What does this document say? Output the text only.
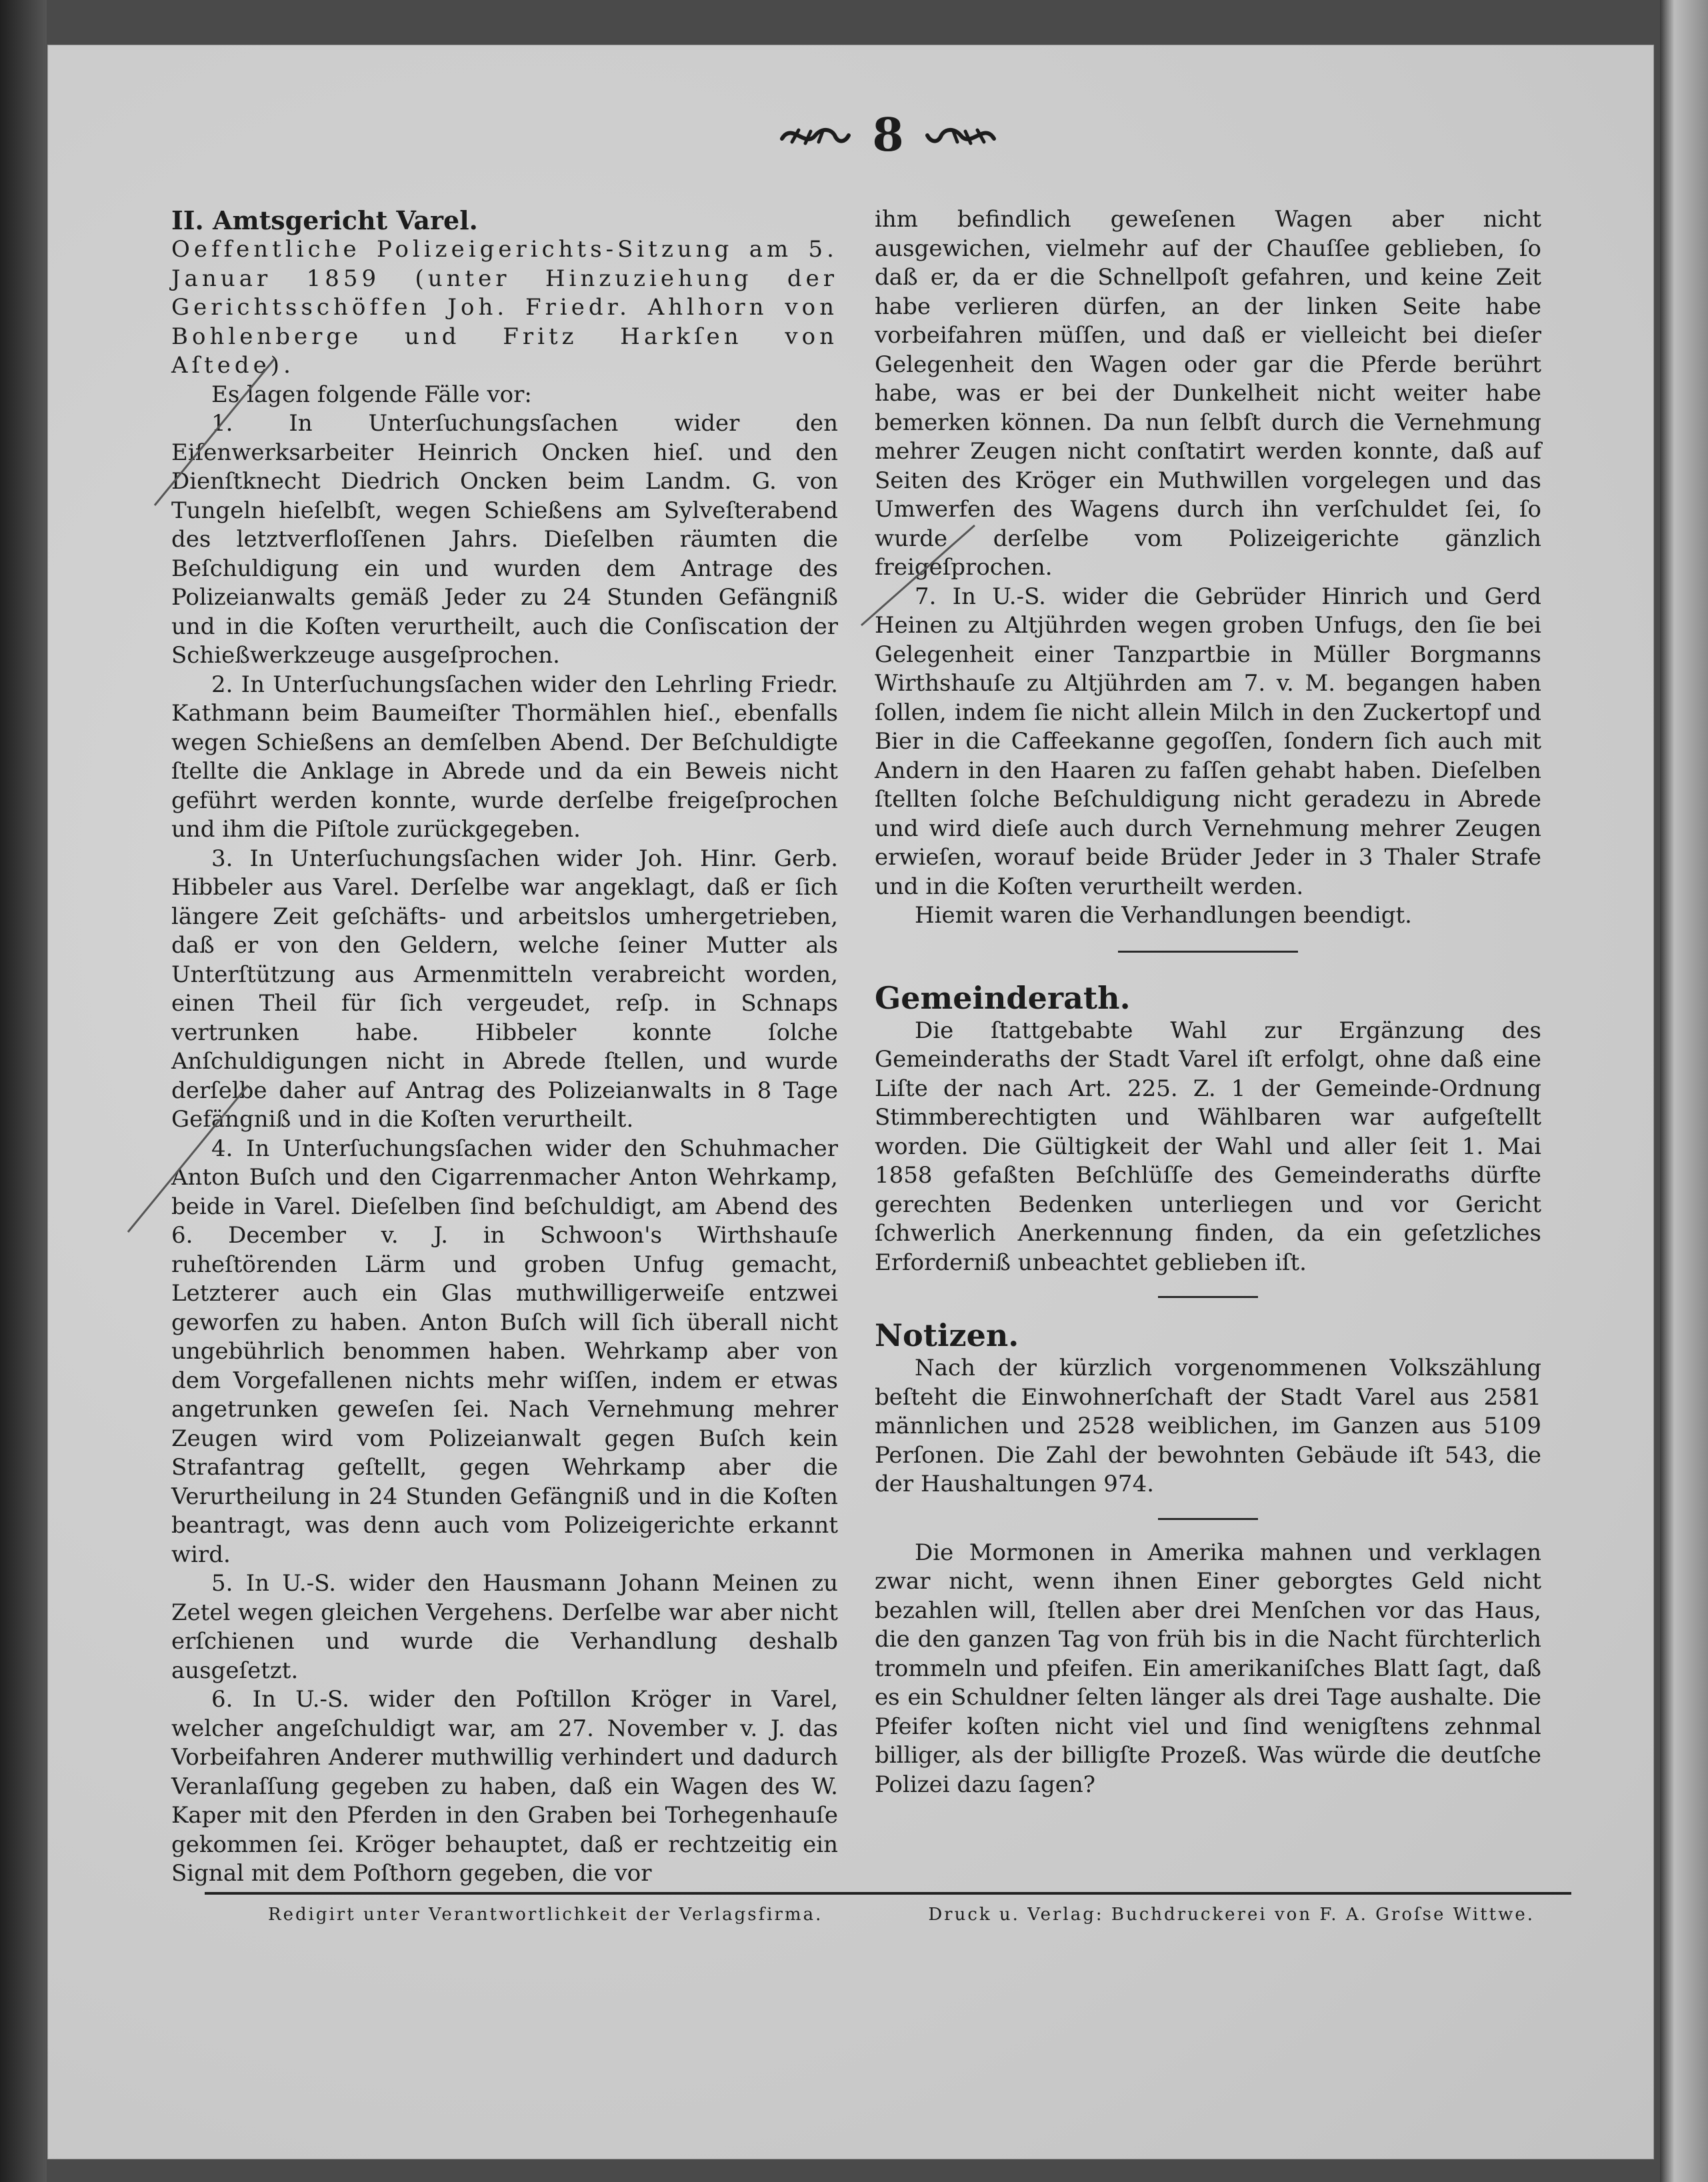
8

II. Amtsgericht Varel.

Oeffentliche Polizeigerichts-Sitzung am 5. Januar 1859 (unter Hinzuziehung der Gerichtsschöffen Joh. Friedr. Ahlhorn von Bohlenberge und Fritz Harkſen von Aſtede).

Es lagen folgende Fälle vor:

1. In Unterſuchungsſachen wider den Eiſenwerksarbeiter Heinrich Oncken hieſ. und den Dienſtknecht Diedrich Oncken beim Landm. G. von Tungeln hieſelbſt, wegen Schießens am Sylveſterabend des letztverfloſſenen Jahrs. Dieſelben räumten die Beſchuldigung ein und wurden dem Antrage des Polizeianwalts gemäß Jeder zu 24 Stunden Gefängniß und in die Koſten verurtheilt, auch die Conſiscation der Schießwerkzeuge ausgeſprochen.

2. In Unterſuchungsſachen wider den Lehrling Friedr. Kathmann beim Baumeiſter Thormählen hieſ., ebenfalls wegen Schießens an demſelben Abend. Der Beſchuldigte ſtellte die Anklage in Abrede und da ein Beweis nicht geführt werden konnte, wurde derſelbe freigeſprochen und ihm die Piſtole zurückgegeben.

3. In Unterſuchungsſachen wider Joh. Hinr. Gerb. Hibbeler aus Varel. Derſelbe war angeklagt, daß er ſich längere Zeit geſchäfts- und arbeitslos umhergetrieben, daß er von den Geldern, welche ſeiner Mutter als Unterſtützung aus Armenmitteln verabreicht worden, einen Theil für ſich vergeudet, reſp. in Schnaps vertrunken habe. Hibbeler konnte ſolche Anſchuldigungen nicht in Abrede ſtellen, und wurde derſelbe daher auf Antrag des Polizeianwalts in 8 Tage Gefängniß und in die Koſten verurtheilt.

4. In Unterſuchungsſachen wider den Schuhmacher Anton Buſch und den Cigarrenmacher Anton Wehrkamp, beide in Varel. Dieſelben ſind beſchuldigt, am Abend des 6. December v. J. in Schwoon's Wirthshauſe ruheſtörenden Lärm und groben Unfug gemacht, Letzterer auch ein Glas muthwilligerweiſe entzwei geworfen zu haben. Anton Buſch will ſich überall nicht ungebührlich benommen haben. Wehrkamp aber von dem Vorgefallenen nichts mehr wiſſen, indem er etwas angetrunken geweſen ſei. Nach Vernehmung mehrer Zeugen wird vom Polizeianwalt gegen Buſch kein Strafantrag geſtellt, gegen Wehrkamp aber die Verurtheilung in 24 Stunden Gefängniß und in die Koſten beantragt, was denn auch vom Polizeigerichte erkannt wird.

5. In U.-S. wider den Hausmann Johann Meinen zu Zetel wegen gleichen Vergehens. Derſelbe war aber nicht erſchienen und wurde die Verhandlung deshalb ausgeſetzt.

6. In U.-S. wider den Poſtillon Kröger in Varel, welcher angeſchuldigt war, am 27. November v. J. das Vorbeifahren Anderer muthwillig verhindert und dadurch Veranlaſſung gegeben zu haben, daß ein Wagen des W. Kaper mit den Pferden in den Graben bei Torhegenhauſe gekommen ſei. Kröger behauptet, daß er rechtzeitig ein Signal mit dem Poſthorn gegeben, die vor

ihm befindlich geweſenen Wagen aber nicht ausgewichen, vielmehr auf der Chauſſee geblieben, ſo daß er, da er die Schnellpoſt gefahren, und keine Zeit habe verlieren dürfen, an der linken Seite habe vorbeifahren müſſen, und daß er vielleicht bei dieſer Gelegenheit den Wagen oder gar die Pferde berührt habe, was er bei der Dunkelheit nicht weiter habe bemerken können. Da nun ſelbſt durch die Vernehmung mehrer Zeugen nicht conſtatirt werden konnte, daß auf Seiten des Kröger ein Muthwillen vorgelegen und das Umwerfen des Wagens durch ihn verſchuldet ſei, ſo wurde derſelbe vom Polizeigerichte gänzlich freigeſprochen.

7. In U.-S. wider die Gebrüder Hinrich und Gerd Heinen zu Altjührden wegen groben Unfugs, den ſie bei Gelegenheit einer Tanzpartbie in Müller Borgmanns Wirthshauſe zu Altjührden am 7. v. M. begangen haben ſollen, indem ſie nicht allein Milch in den Zuckertopf und Bier in die Caffeekanne gegoſſen, ſondern ſich auch mit Andern in den Haaren zu faſſen gehabt haben. Dieſelben ſtellten ſolche Beſchuldigung nicht geradezu in Abrede und wird dieſe auch durch Vernehmung mehrer Zeugen erwieſen, worauf beide Brüder Jeder in 3 Thaler Strafe und in die Koſten verurtheilt werden.

Hiemit waren die Verhandlungen beendigt.

Gemeinderath.

Die ſtattgebabte Wahl zur Ergänzung des Gemeinderaths der Stadt Varel iſt erfolgt, ohne daß eine Liſte der nach Art. 225. Z. 1 der Gemeinde-Ordnung Stimmberechtigten und Wählbaren war aufgeſtellt worden. Die Gültigkeit der Wahl und aller ſeit 1. Mai 1858 gefaßten Beſchlüſſe des Gemeinderaths dürfte gerechten Bedenken unterliegen und vor Gericht ſchwerlich Anerkennung finden, da ein geſetzliches Erforderniß unbeachtet geblieben iſt.

Notizen.

Nach der kürzlich vorgenommenen Volkszählung beſteht die Einwohnerſchaft der Stadt Varel aus 2581 männlichen und 2528 weiblichen, im Ganzen aus 5109 Perſonen. Die Zahl der bewohnten Gebäude iſt 543, die der Haushaltungen 974.

Die Mormonen in Amerika mahnen und verklagen zwar nicht, wenn ihnen Einer geborgtes Geld nicht bezahlen will, ſtellen aber drei Menſchen vor das Haus, die den ganzen Tag von früh bis in die Nacht fürchterlich trommeln und pfeifen. Ein amerikaniſches Blatt ſagt, daß es ein Schuldner ſelten länger als drei Tage aushalte. Die Pfeifer koſten nicht viel und ſind wenigſtens zehnmal billiger, als der billigſte Prozeß. Was würde die deutſche Polizei dazu ſagen?

Redigirt unter Verantwortlichkeit der Verlagsfirma.	Druck u. Verlag: Buchdruckerei von F. A. Groſse Wittwe.
